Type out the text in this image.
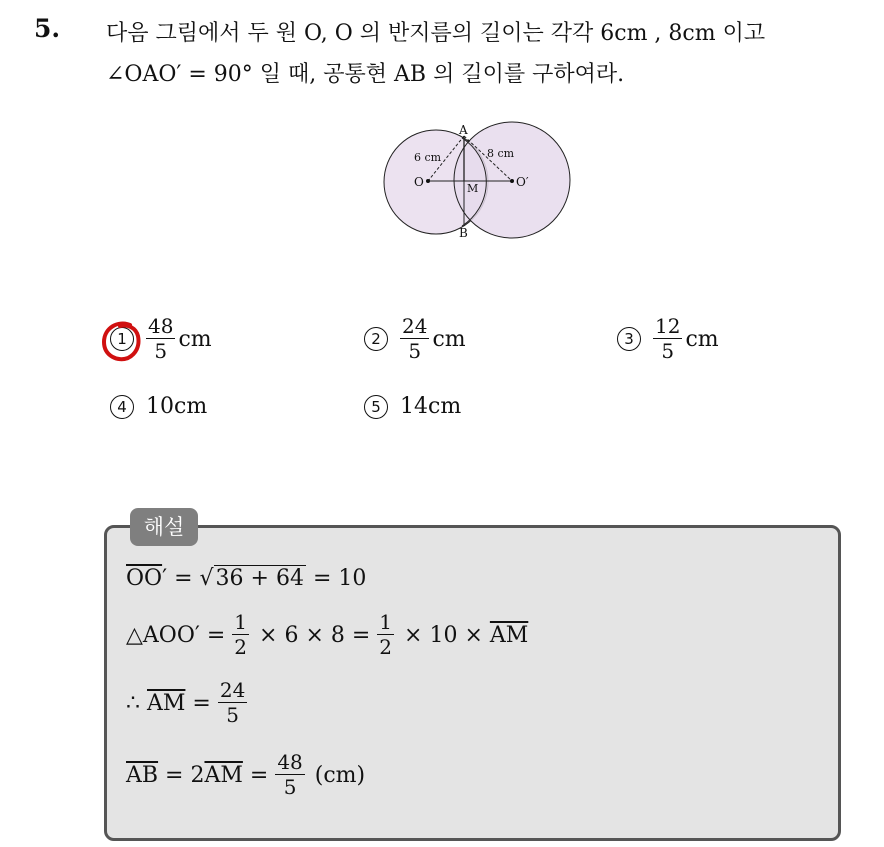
5. 다음 그림에서 두 원 O, O 의 반지름의 길이는 각각 6cm , 8cm 이고
∠OAO′ = 90° 일 때, 공통현 AB 의 길이를 구하여라.
A
B
O	O′
M
6 cm	8 cm
$1 \frac{48}{5}$ cm	$2 \frac{24}{5}$ cm	$3 \frac{12}{5}$ cm
4 10cm	5 14cm
해설
$\overline{OO}$ ′ = √ 36 + 64 = 10
△AOO′ = $\frac{1}{2} \times 6 \times 8 = \frac{1}{2} \times 10 \times \overline{AM}$
∴ $\overline{AM} = \frac{24}{5}$
$\overline{AB} = 2$ $\overline{AM} = \frac{48}{5} (cm)$
